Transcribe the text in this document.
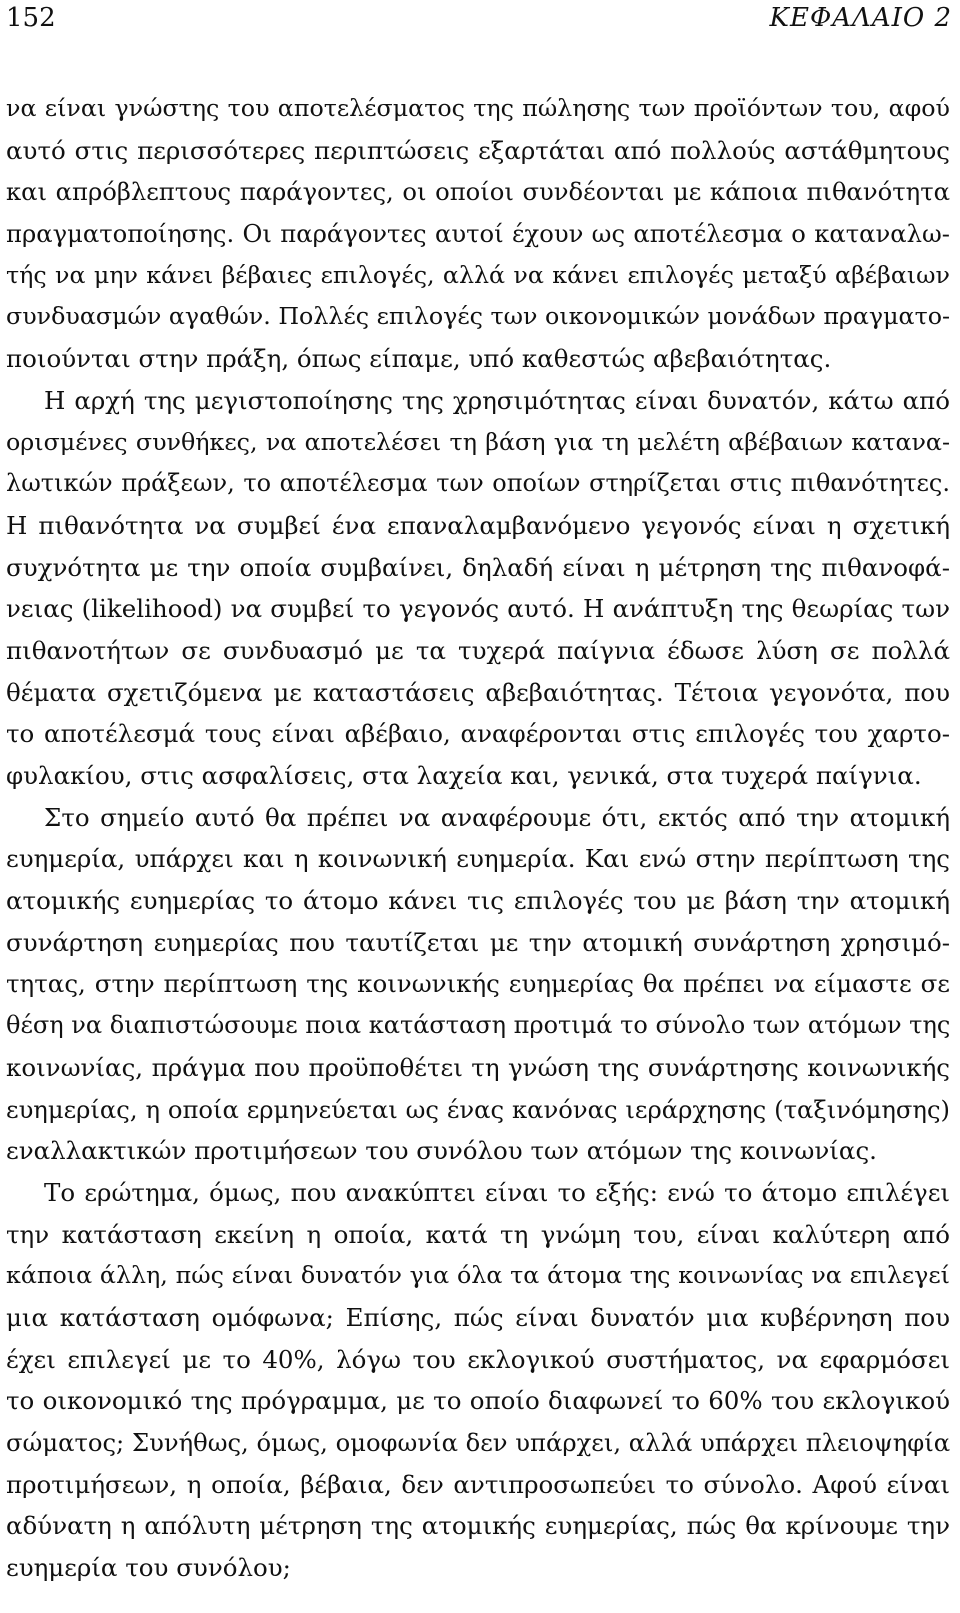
152	ΚΕΦΑΛΑΙΟ 2
να είναι γνώστης του αποτελέσματος της πώλησης των προϊόντων του, αφού
αυτό στις περισσότερες περιπτώσεις εξαρτάται από πολλούς αστάθμητους
και απρόβλεπτους παράγοντες, οι οποίοι συνδέονται με κάποια πιθανότητα
πραγματοποίησης. Οι παράγοντες αυτοί έχουν ως αποτέλεσμα ο καταναλω-
τής να μην κάνει βέβαιες επιλογές, αλλά να κάνει επιλογές μεταξύ αβέβαιων
συνδυασμών αγαθών. Πολλές επιλογές των οικονομικών μονάδων πραγματο-
ποιούνται στην πράξη, όπως είπαμε, υπό καθεστώς αβεβαιότητας.
Η αρχή της μεγιστοποίησης της χρησιμότητας είναι δυνατόν, κάτω από
ορισμένες συνθήκες, να αποτελέσει τη βάση για τη μελέτη αβέβαιων κατανα-
λωτικών πράξεων, το αποτέλεσμα των οποίων στηρίζεται στις πιθανότητες.
Η πιθανότητα να συμβεί ένα επαναλαμβανόμενο γεγονός είναι η σχετική
συχνότητα με την οποία συμβαίνει, δηλαδή είναι η μέτρηση της πιθανοφά-
νειας (likelihood) να συμβεί το γεγονός αυτό. Η ανάπτυξη της θεωρίας των
πιθανοτήτων σε συνδυασμό με τα τυχερά παίγνια έδωσε λύση σε πολλά
θέματα σχετιζόμενα με καταστάσεις αβεβαιότητας. Τέτοια γεγονότα, που
το αποτέλεσμά τους είναι αβέβαιο, αναφέρονται στις επιλογές του χαρτο-
φυλακίου, στις ασφαλίσεις, στα λαχεία και, γενικά, στα τυχερά παίγνια.
Στο σημείο αυτό θα πρέπει να αναφέρουμε ότι, εκτός από την ατομική
ευημερία, υπάρχει και η κοινωνική ευημερία. Και ενώ στην περίπτωση της
ατομικής ευημερίας το άτομο κάνει τις επιλογές του με βάση την ατομική
συνάρτηση ευημερίας που ταυτίζεται με την ατομική συνάρτηση χρησιμό-
τητας, στην περίπτωση της κοινωνικής ευημερίας θα πρέπει να είμαστε σε
θέση να διαπιστώσουμε ποια κατάσταση προτιμά το σύνολο των ατόμων της
κοινωνίας, πράγμα που προϋποθέτει τη γνώση της συνάρτησης κοινωνικής
ευημερίας, η οποία ερμηνεύεται ως ένας κανόνας ιεράρχησης (ταξινόμησης)
εναλλακτικών προτιμήσεων του συνόλου των ατόμων της κοινωνίας.
Το ερώτημα, όμως, που ανακύπτει είναι το εξής: ενώ το άτομο επιλέγει
την κατάσταση εκείνη η οποία, κατά τη γνώμη του, είναι καλύτερη από
κάποια άλλη, πώς είναι δυνατόν για όλα τα άτομα της κοινωνίας να επιλεγεί
μια κατάσταση ομόφωνα; Επίσης, πώς είναι δυνατόν μια κυβέρνηση που
έχει επιλεγεί με το 40%, λόγω του εκλογικού συστήματος, να εφαρμόσει
το οικονομικό της πρόγραμμα, με το οποίο διαφωνεί το 60% του εκλογικού
σώματος; Συνήθως, όμως, ομοφωνία δεν υπάρχει, αλλά υπάρχει πλειοψηφία
προτιμήσεων, η οποία, βέβαια, δεν αντιπροσωπεύει το σύνολο. Αφού είναι
αδύνατη η απόλυτη μέτρηση της ατομικής ευημερίας, πώς θα κρίνουμε την
ευημερία του συνόλου;
